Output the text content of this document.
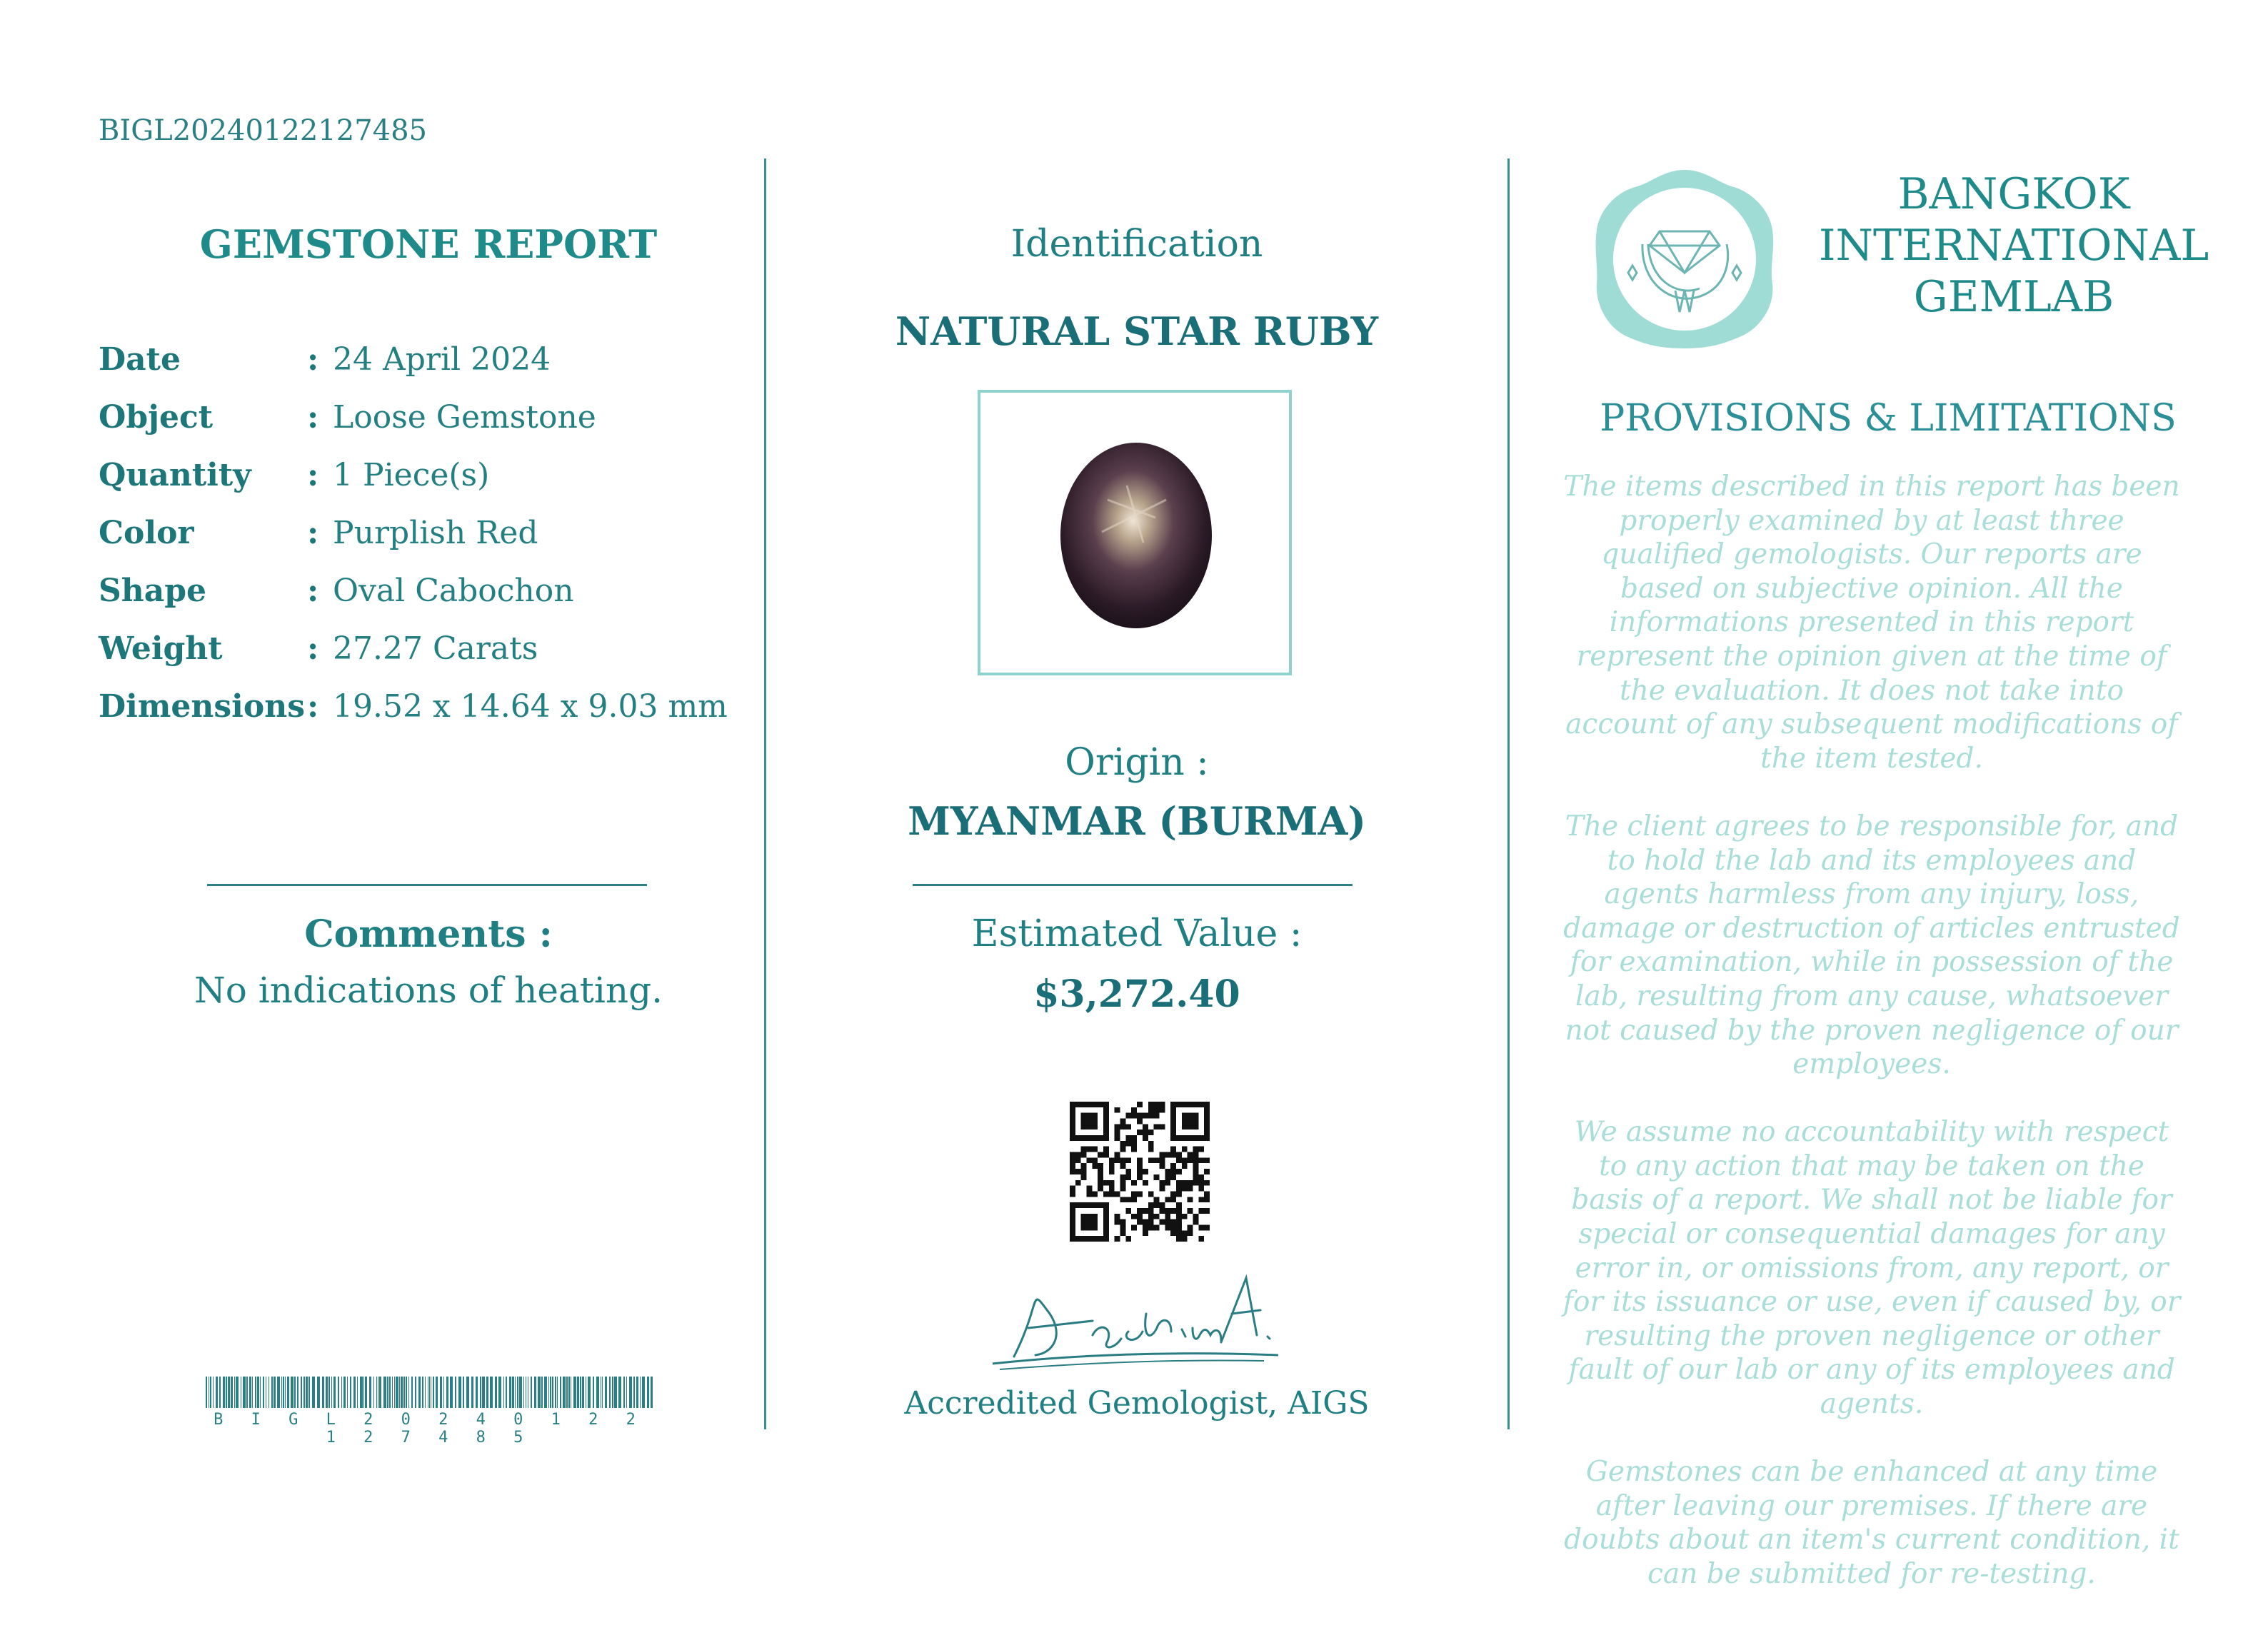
BIGL20240122127485
GEMSTONE REPORT
Date	: 24 April 2024
Object	: Loose Gemstone
Quantity	: 1 Piece(s)
Color	: Purplish Red
Shape	: Oval Cabochon
Weight	: 27.27 Carats
Dimensions : 19.52 x 14.64 x 9.03 mm
Comments :
No indications of heating.
B I G L 2 0 2 4 0 1 2 2 1 2 7 4 8 5
Identification
NATURAL STAR RUBY
Origin :
MYANMAR (BURMA)
Estimated Value :
$3,272.40
Accredited Gemologist, AIGS
BANGKOK
INTERNATIONAL
GEMLAB
PROVISIONS & LIMITATIONS

The items described in this report has been properly examined by at least three qualified gemologists. Our reports are based on subjective opinion. All the informations presented in this report represent the opinion given at the time of the evaluation. It does not take into account of any subsequent modifications of the item tested.

The client agrees to be responsible for, and to hold the lab and its employees and agents harmless from any injury, loss, damage or destruction of articles entrusted for examination, while in possession of the lab, resulting from any cause, whatsoever not caused by the proven negligence of our employees.

We assume no accountability with respect to any action that may be taken on the basis of a report. We shall not be liable for special or consequential damages for any error in, or omissions from, any report, or for its issuance or use, even if caused by, or resulting the proven negligence or other fault of our lab or any of its employees and agents.

Gemstones can be enhanced at any time after leaving our premises. If there are doubts about an item's current condition, it can be submitted for re-testing.
